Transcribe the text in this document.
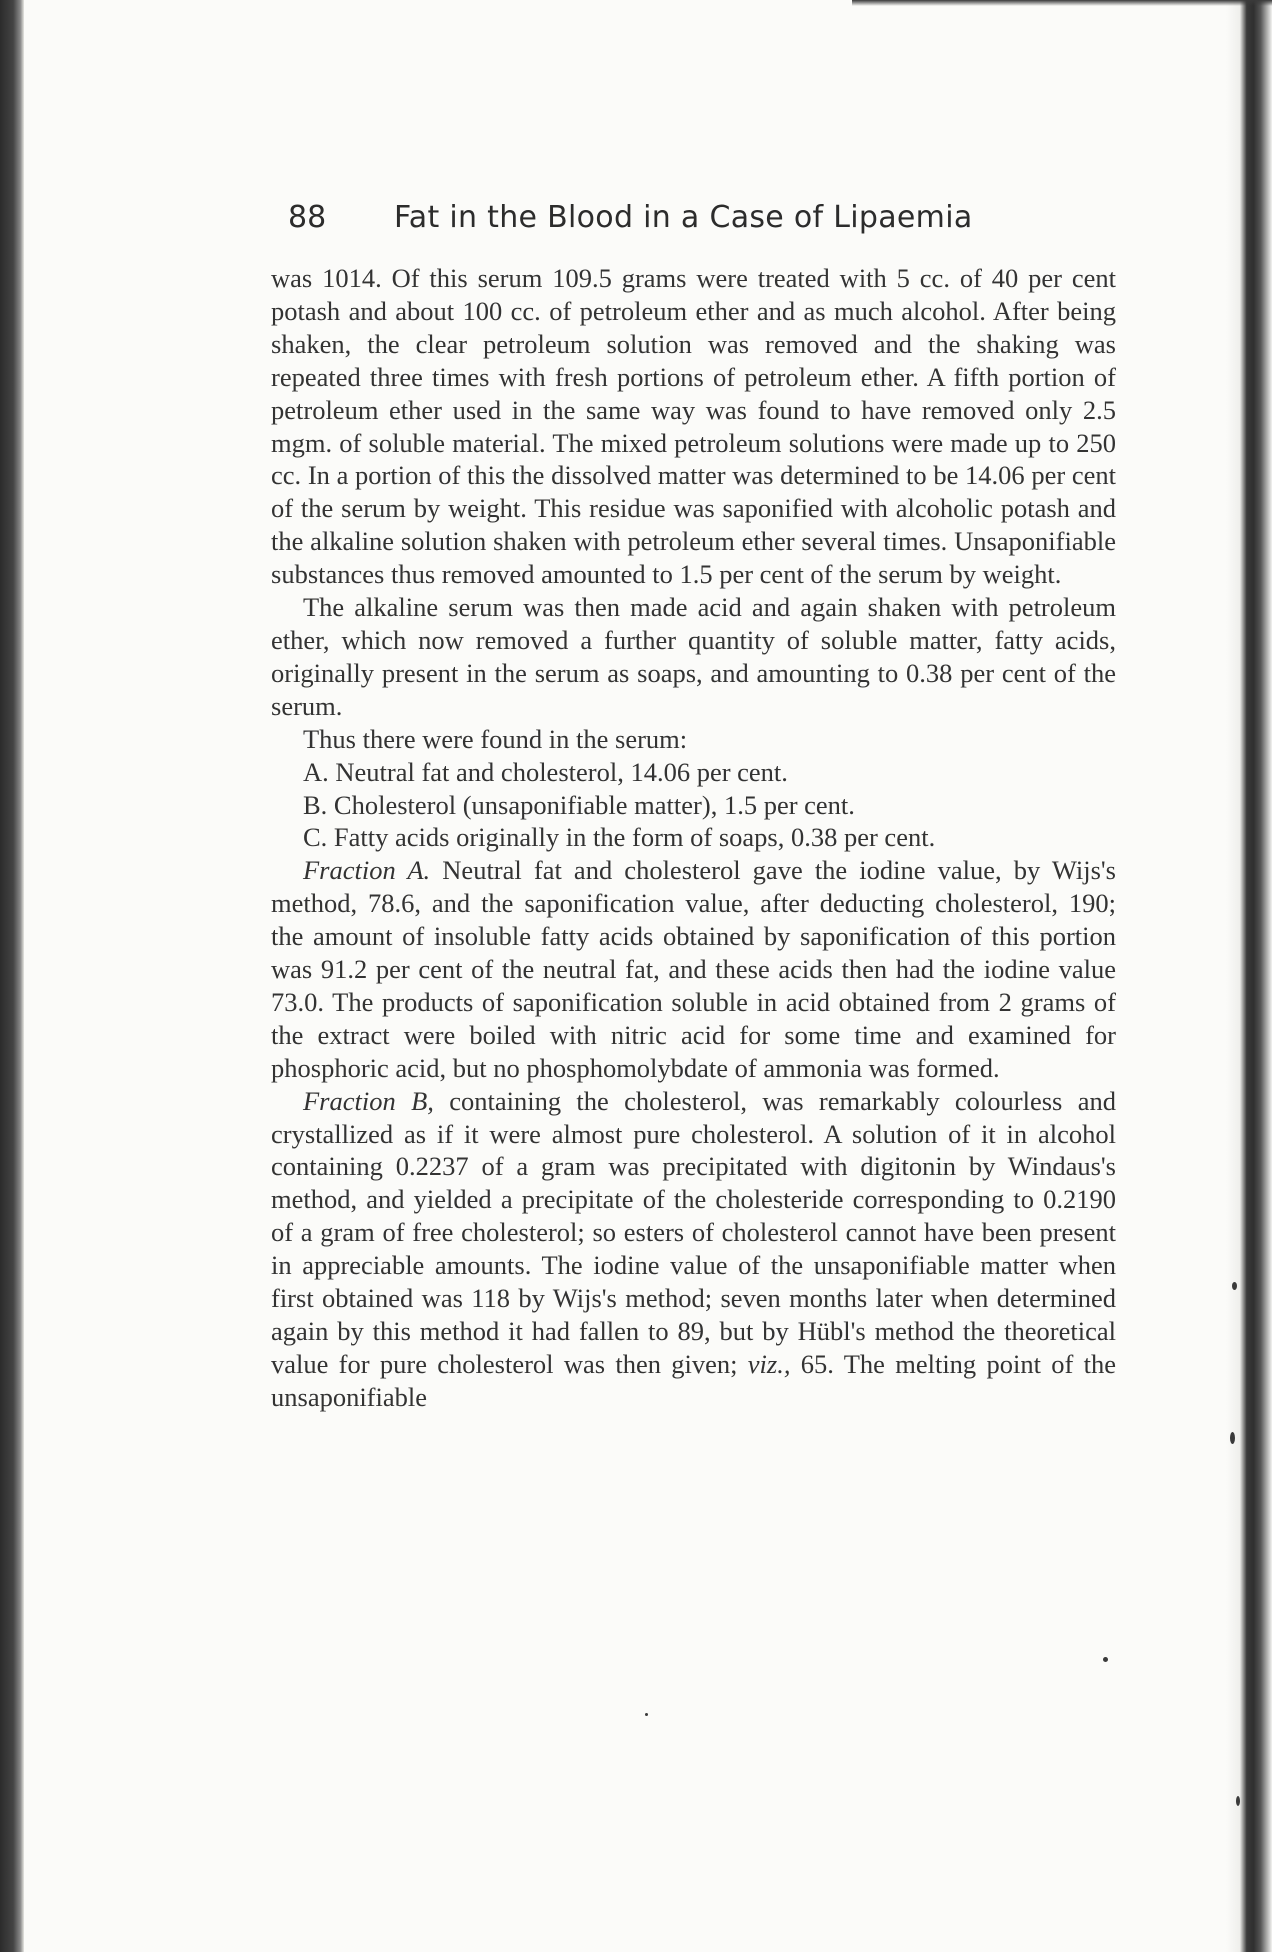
88 Fat in the Blood in a Case of Lipaemia

was 1014. Of this serum 109.5 grams were treated with 5 cc. of 40 per cent potash and about 100 cc. of petroleum ether and as much alcohol. After being shaken, the clear petroleum solution was removed and the shaking was repeated three times with fresh portions of petroleum ether. A fifth portion of petroleum ether used in the same way was found to have removed only 2.5 mgm. of soluble material. The mixed petroleum solutions were made up to 250 cc. In a portion of this the dissolved matter was determined to be 14.06 per cent of the serum by weight. This residue was saponified with alcoholic potash and the alkaline solution shaken with petroleum ether several times. Unsaponifiable substances thus removed amounted to 1.5 per cent of the serum by weight.

The alkaline serum was then made acid and again shaken with petroleum ether, which now removed a further quantity of soluble matter, fatty acids, originally present in the serum as soaps, and amounting to 0.38 per cent of the serum.

Thus there were found in the serum:

A. Neutral fat and cholesterol, 14.06 per cent.

B. Cholesterol (unsaponifiable matter), 1.5 per cent.

C. Fatty acids originally in the form of soaps, 0.38 per cent.

Fraction A. Neutral fat and cholesterol gave the iodine value, by Wijs's method, 78.6, and the saponification value, after deducting cholesterol, 190; the amount of insoluble fatty acids obtained by saponification of this portion was 91.2 per cent of the neutral fat, and these acids then had the iodine value 73.0. The products of saponification soluble in acid obtained from 2 grams of the extract were boiled with nitric acid for some time and examined for phosphoric acid, but no phosphomolybdate of ammonia was formed.

Fraction B, containing the cholesterol, was remarkably colourless and crystallized as if it were almost pure cholesterol. A solution of it in alcohol containing 0.2237 of a gram was precipitated with digitonin by Windaus's method, and yielded a precipitate of the cholesteride corresponding to 0.2190 of a gram of free cholesterol; so esters of cholesterol cannot have been present in appreciable amounts. The iodine value of the unsaponifiable matter when first obtained was 118 by Wijs's method; seven months later when determined again by this method it had fallen to 89, but by Hübl's method the theoretical value for pure cholesterol was then given; viz., 65. The melting point of the unsaponifiable
